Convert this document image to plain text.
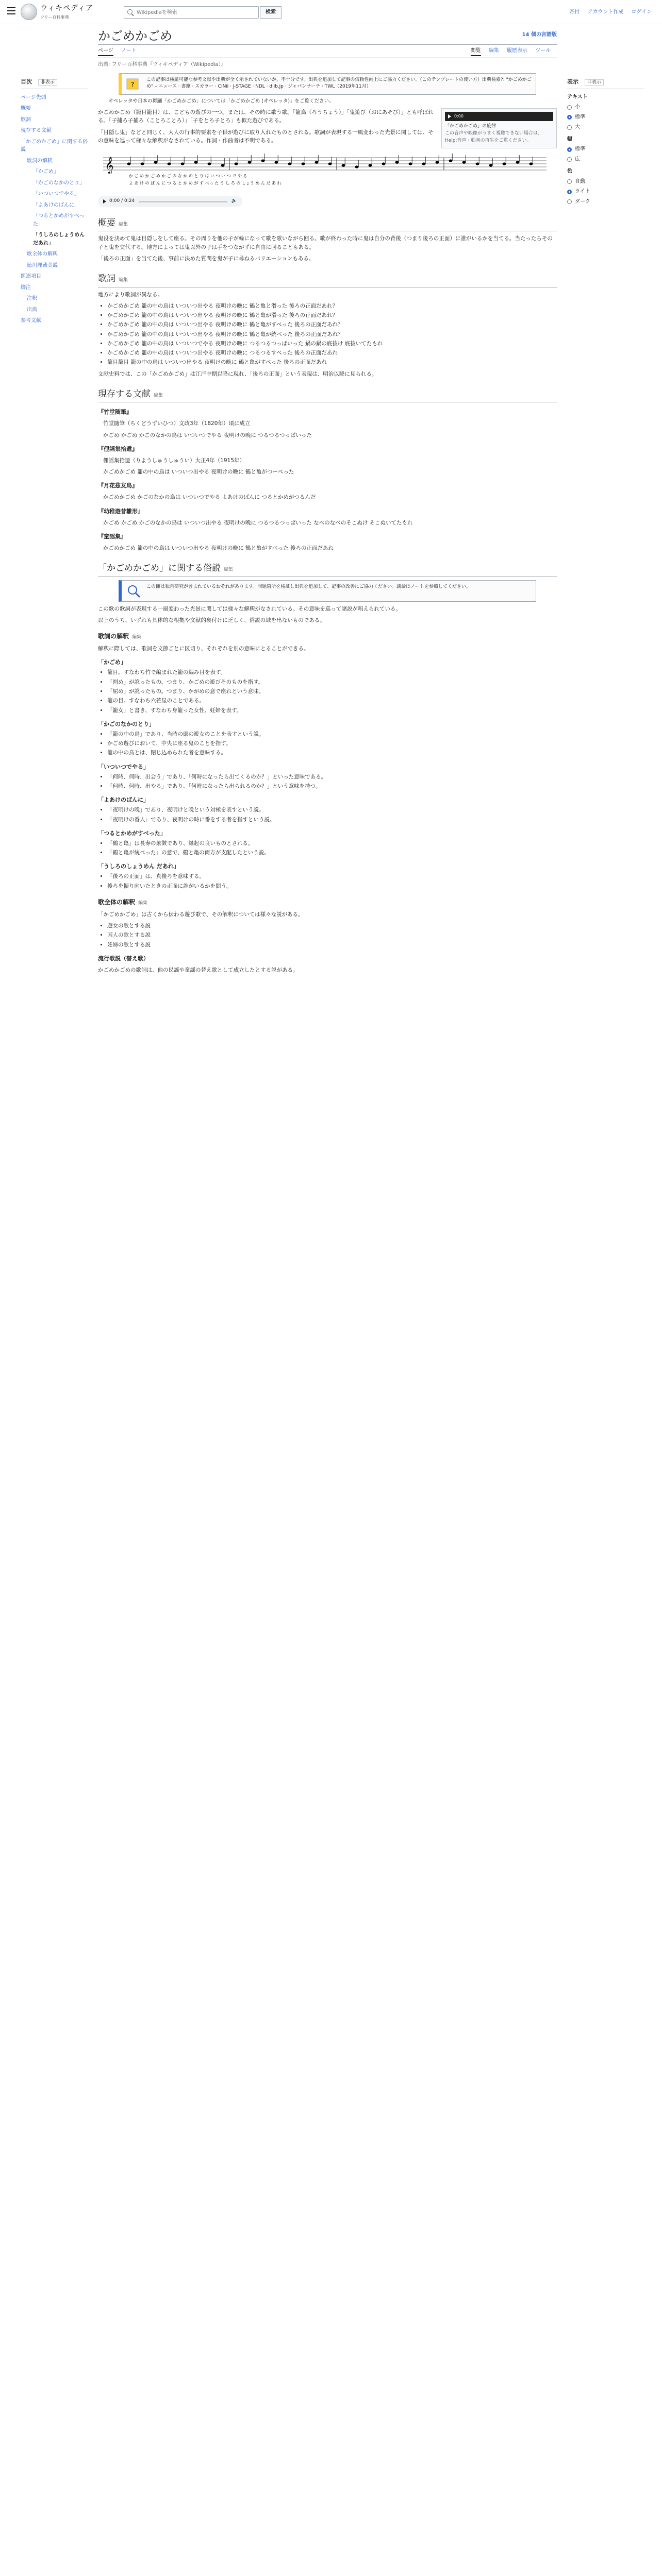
ウィキペディア
フリー百科事典
Wikipediaを検索
検索	寄付 アカウント作成 ログイン
目次 非表示
ページ先頭
概要
歌詞
現存する文献
「かごめかごめ」に関する俗説
歌詞の解釈
「かごめ」
「かごのなかのとり」
「いついつでやる」
「よあけのばんに」
「つるとかめがすべった」
「うしろのしょうめん だあれ」
歌全体の解釈
徳川埋蔵金説
関連項目
脚注
注釈
出典
参考文献
表示 非表示
テキスト
小
標準
大
幅
標準
広
色
自動
ライト
ダーク
かごめかごめ	14 個の言語版
ページ ノート	閲覧 編集 履歴表示 ツール
出典: フリー百科事典『ウィキペディア（Wikipedia）』
?
この記事は検証可能な参考文献や出典が全く示されていないか、不十分です。出典を追加して記事の信頼性向上にご協力ください。（このテンプレートの使い方）出典検索?: "かごめかごめ" – ニュース · 書籍 · スカラー · CiNii · J-STAGE · NDL · dlib.jp · ジャパンサーチ · TWL（2019年11月）
オペレッタや日本の舞踊「かごめかごめ」については「かごめかごめ (オペレッタ)」をご覧ください。
0:00
「かごめかごめ」の旋律
この音声や映像がうまく視聴できない場合は、Help:音声・動画の再生をご覧ください。

かごめかごめ（籠目籠目）は、こどもの遊びの一つ。または、その時に歌う歌。「籠鳥（ろうちょう）」「鬼遊び（おにあそび）」とも呼ばれる。「子捕ろ子捕ろ（ことろことろ）」「子をとろ子とろ」も似た遊びである。

「目隠し鬼」などと同じく、大人の行事的要素を子供が遊びに取り入れたものとされる。歌詞が表現する一風変わった光景に関しては、その意味を巡って様々な解釈がなされている。作詞・作曲者は不明である。

𝄞
か ご め か ご め か ご の な か の と り は い つ い つ で や る
よ あ け の ば ん に つ る と か め が す べっ た う し ろ の しょう め ん だ あ れ
0:00 / 0:24	🔈
概要 編集

鬼役を決めて鬼は目隠しをして座る。その周りを他の子が輪になって歌を歌いながら回る。歌が終わった時に鬼は自分の背後（つまり後ろの正面）に誰がいるかを当てる。当たったらその子と鬼を交代する。地方によっては鬼以外の子は手をつながずに自由に回ることもある。

「後ろの正面」を当てた後、事前に決めた質問を鬼が子に尋ねるバリエーションもある。

歌詞 編集

地方により歌詞が異なる。

• かごめかごめ 籠の中の鳥は いついつ出やる 夜明けの晩に 鶴と亀と滑った 後ろの正面だあれ？
• かごめかごめ 籠の中の鳥は いついつ出やる 夜明けの晩に 鶴と亀が滑った 後ろの正面だあれ？
• かごめかごめ 籠の中の鳥は いついつ出やる 夜明けの晩に 鶴と亀がすべった 後ろの正面だあれ？
• かごめかごめ 籠の中の鳥は いついつ出やる 夜明けの晩に 鶴と亀が統べった 後ろの正面だあれ？
• かごめかごめ 籠の中の鳥は いついつでやる 夜明けの晩に つるつるつっぱいった 鍋の鍋の底抜け 底抜いてたもれ
• かごめかごめ 籠の中の鳥は いついつ出やる 夜明けの晩に つるつるすべった 後ろの正面だあれ
• 籠目籠目 籠の中の鳥は いついつ出やる 夜明けの晩に 鶴と亀がすべった 後ろの正面だあれ

文献史料では、この「かごめかごめ」は江戸中期以降に現れ、「後ろの正面」という表現は、明治以降に見られる。

現存する文献 編集
『竹堂随筆』

竹堂随筆（ちくどうずいひつ）文政3年（1820年）頃に成立

かごめ かごめ かごのなかの鳥は いついつでやる 夜明けの晩に つるつるつっぱいった

『俚謡集拾遺』

俚謡集拾遺（りようしゅうしゅうい）大正4年（1915年）

かごめかごめ 籠の中の鳥は いついつ出やる 夜明けの晩に 鶴と亀がつーべった

『月花茲友鳥』

かごめかごめ かごのなかの鳥は いついつでやる よあけのばんに つるとかめがつるんだ

『幼稚遊昔雛形』

かごめ かごめ かごのなかの鳥は いついつ出やる 夜明けの晩に つるつるつっぱいった なべのなべのそこぬけ そこぬいてたもれ

『童謡集』

かごめかごめ 籠の中の鳥は いついつ出やる 夜明けの晩に 鶴と亀がすべった 後ろの正面だあれ

「かごめかごめ」に関する俗説 編集
この節は独自研究が含まれているおそれがあります。問題箇所を検証し出典を追加して、記事の改善にご協力ください。議論はノートを参照してください。

この歌の歌詞が表現する一風変わった光景に関しては様々な解釈がなされている。その意味を巡って諸説が唱えられている。

以上のうち、いずれも具体的な根拠や文献的裏付けに乏しく、俗説の域を出ないものである。

歌詞の解釈 編集

解釈に際しては、歌詞を文節ごとに区切り、それぞれを別の意味にとることができる。

「かごめ」
• 籠目。すなわち竹で編まれた籠の編み目を表す。
• 「囲め」が訛ったもの。つまり、かごめの遊びそのものを指す。
• 「屈め」が訛ったもの。つまり、かがめの意で座れという意味。
• 籠の目。すなわち六芒星のことである。
• 「籠女」と書き、すなわち身籠った女性、妊婦を表す。
「かごのなかのとり」
• 「籠の中の鳥」であり、当時の廓の遊女のことを表すという説。
• かごめ遊びにおいて、中央に座る鬼のことを指す。
• 籠の中の鳥とは、閉じ込められた者を意味する。
「いついつでやる」
• 「何時、何時、出会う」であり、「何時になったら出てくるのか？」といった意味である。
• 「何時、何時、出やる」であり、「何時になったら出られるのか？」という意味を持つ。
「よあけのばんに」
• 「夜明けの晩」であり、夜明けと晩という対極を表すという説。
• 「夜明けの番人」であり、夜明けの時に番をする者を指すという説。
「つるとかめがすべった」
• 「鶴と亀」は長寿の象徴であり、縁起の良いものとされる。
• 「鶴と亀が統べった」の意で、鶴と亀の両方が支配したという説。
「うしろのしょうめん だあれ」
• 「後ろの正面」は、真後ろを意味する。
• 後ろを振り向いたときの正面に誰がいるかを問う。
歌全体の解釈 編集

「かごめかごめ」は古くから伝わる遊び歌で、その解釈については様々な説がある。

• 遊女の歌とする説
• 囚人の歌とする説
• 妊婦の歌とする説
流行歌説（替え歌）

かごめかごめの歌詞は、他の民謡や童謡の替え歌として成立したとする説がある。
